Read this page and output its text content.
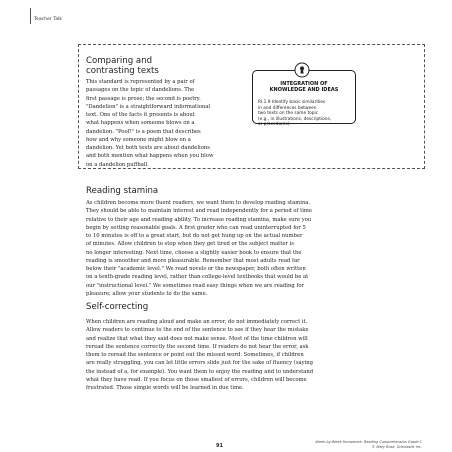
Teacher Talk
Comparing and
contrasting texts
This standard is represented by a pair of
passages on the topic of dandelions. The
first passage is prose; the second is poetry.
"Dandelion" is a straightforward informational
text. One of the facts it presents is about
what happens when someone blows on a
dandelion. "Poof!" is a poem that describes
how and why someone might blow on a
dandelion. Yet both texts are about dandelions
and both mention what happens when you blow
on a dandelion puffball.
INTEGRATION OF
KNOWLEDGE AND IDEAS
RI.1.9 Identify basic similarities
in and differences between
two texts on the same topic
(e.g., in illustrations, descriptions,
or procedures).
Reading stamina
As children become more fluent readers, we want them to develop reading stamina.
They should be able to maintain interest and read independently for a period of time
relative to their age and reading ability. To increase reading stamina, make sure you
begin by setting reasonable goals. A first grader who can read uninterrupted for 5
to 10 minutes is off to a great start, but do not get hung up on the actual number
of minutes. Allow children to stop when they get tired or the subject matter is
no longer interesting. Next time, choose a slightly easier book to ensure that the
reading is smoother and more pleasurable. Remember that most adults read far
below their "academic level." We read novels or the newspaper, both often written
on a tenth-grade reading level, rather than college-level textbooks that would be at
our "instructional level." We sometimes read easy things when we are reading for
pleasure; allow your students to do the same.
Self-correcting
When children are reading aloud and make an error, do not immediately correct it.
Allow readers to continue to the end of the sentence to see if they hear the mistake
and realize that what they said does not make sense. Most of the time children will
reread the sentence correctly the second time. If readers do not hear the error, ask
them to reread the sentence or point out the missed word. Sometimes, if children
are really struggling, you can let little errors slide just for the sake of fluency (saying
the instead of a, for example). You want them to enjoy the reading and to understand
what they have read. If you focus on those smallest of errors, children will become
frustrated. Those simple words will be learned in due time.
91
Week-by-Week Homework: Reading Comprehension Grade 1
© Mary Rose, Scholastic Inc.
